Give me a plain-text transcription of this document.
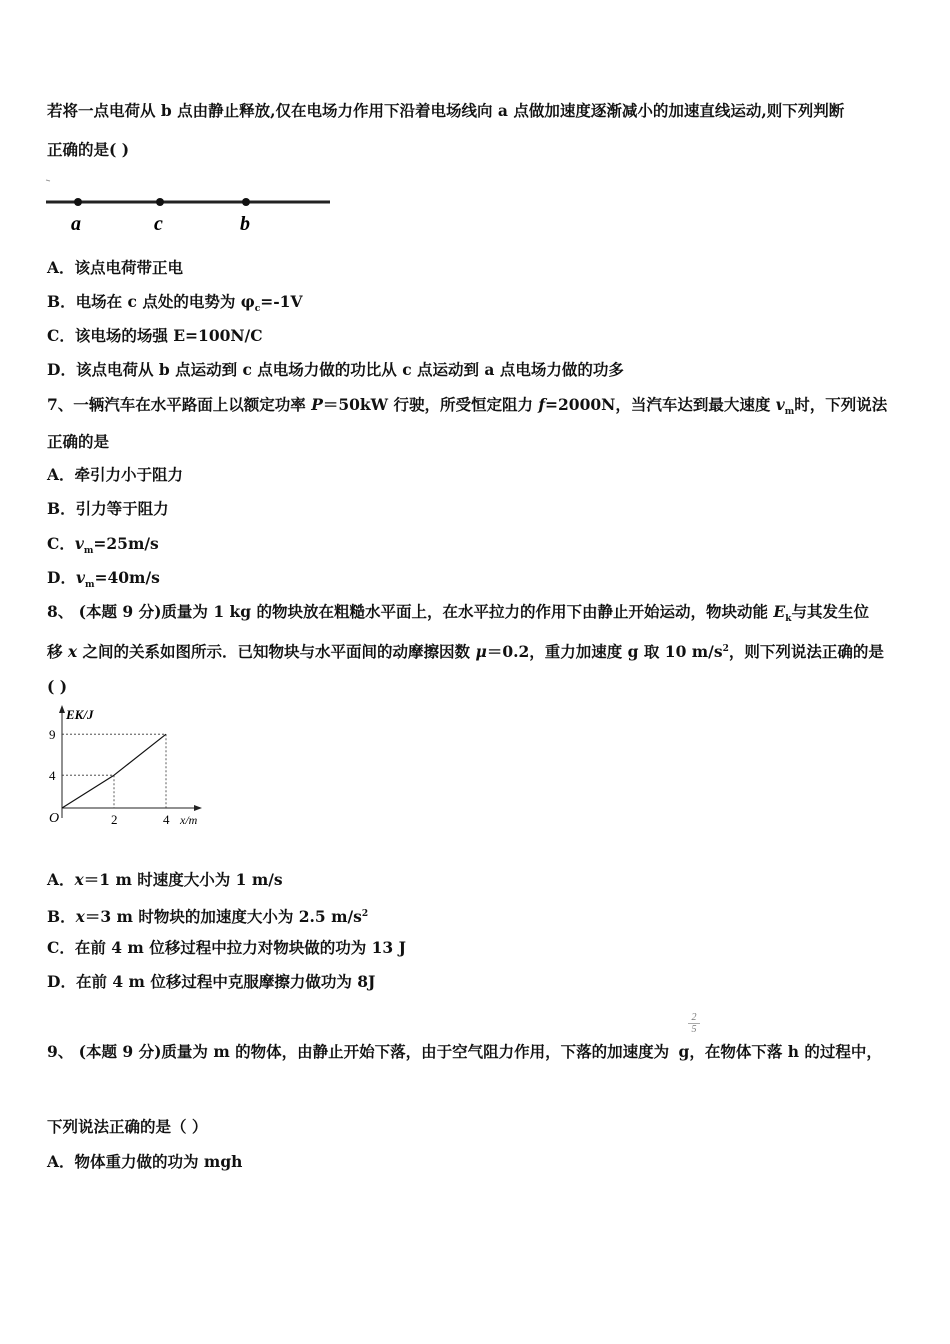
若将一点电荷从 b 点由静止释放,仅在电场力作用下沿着电场线向 a 点做加速度逐渐减小的加速直线运动,则下列判断
正确的是( )
a	c	b
A．该点电荷带正电
B．电场在 c 点处的电势为 $\varphi_c=-1V$
C．该电场的场强 E=100N/C
D．该点电荷从 b 点运动到 c 点电场力做的功比从 c 点运动到 a 点电场力做的功多
7、一辆汽车在水平路面上以额定功率 P＝50kW 行驶，所受恒定阻力 f=2000N，当汽车达到最大速度 $v_m$时，下列说法
正确的是
A．牵引力小于阻力
B．引力等于阻力
C．$v_m=25m/s$
D．$v_m=40m/s$
8、 (本题 9 分)质量为 1 kg 的物块放在粗糙水平面上，在水平拉力的作用下由静止开始运动，物块动能 $E_k$与其发生位
移 x 之间的关系如图所示．已知物块与水平面间的动摩擦因数 μ＝0.2，重力加速度 g 取 10 $m/s^2$，则下列说法正确的是
( )
EK/J
x/m
O	2	4
4
9
A．x＝1 m 时速度大小为 1 m/s
B．x＝3 m 时物块的加速度大小为 2.5 $m/s^2$
C．在前 4 m 位移过程中拉力对物块做的功为 13 J
D．在前 4 m 位移过程中克服摩擦力做功为 8J
2
5
9、 (本题 9 分)质量为 m 的物体，由静止开始下落，由于空气阻力作用，下落的加速度为 g，在物体下落 h 的过程中，
下列说法正确的是（ ）
A．物体重力做的功为 mgh
